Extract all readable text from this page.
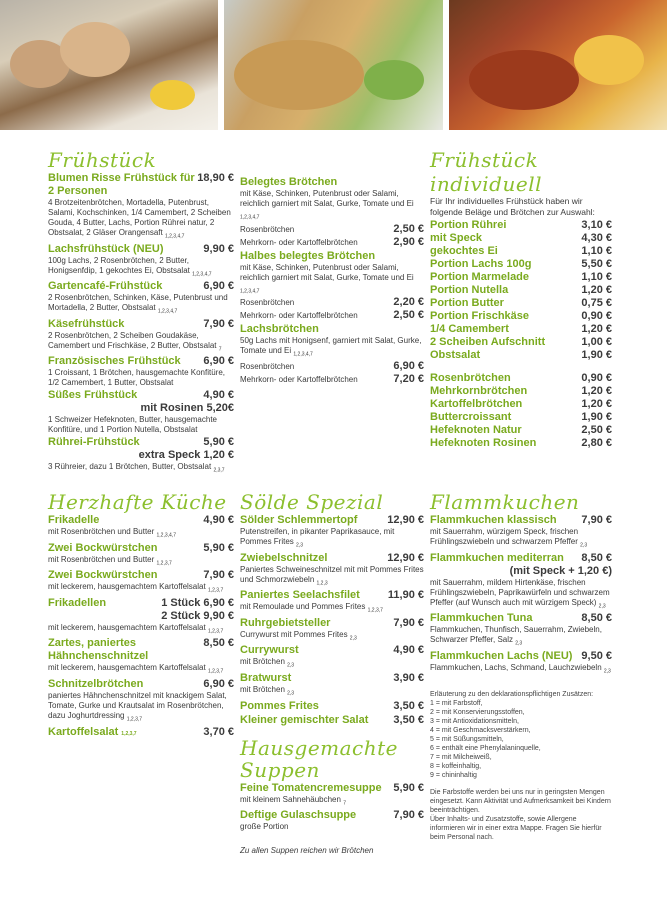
Frühstück
Blumen Risse Frühstück für 2 Personen
18,90 €
4 Brotzeitenbrötchen, Mortadella, Putenbrust, Salami, Kochschinken, 1/4 Camembert, 2 Scheiben Gouda, 4 Butter, Lachs, Portion Rührei natur, 2 Obstsalat, 2 Gläser Orangensaft $_{1,2,3,4,7}$
Lachsfrühstück (NEU)	9,90 €
100g Lachs, 2 Rosenbrötchen, 2 Butter, Honigsenfdip, 1 gekochtes Ei, Obstsalat $_{1,2,3,4,7}$
Gartencafé-Frühstück	6,90 €
2 Rosenbrötchen, Schinken, Käse, Putenbrust und Mortadella, 2 Butter, Obstsalat $_{1,2,3,4,7}$
Käsefrühstück	7,90 €
2 Rosenbrötchen, 2 Scheiben Goudakäse, Camembert und Frischkäse, 2 Butter, Obstsalat $_7$
Französisches Frühstück 6,90 €
1 Croissant, 1 Brötchen, hausgemachte Konfitüre, 1/2 Camembert, 1 Butter, Obstsalat
Süßes Frühstück	4,90 €
mit Rosinen 5,20€
1 Schweizer Hefeknoten, Butter, hausgemachte Konfitüre, und 1 Portion Nutella, Obstsalat
Rührei-Frühstück	5,90 €
extra Speck 1,20 €
3 Rühreier, dazu 1 Brötchen, Butter, Obstsalat $_{2,3,7}$
Belegtes Brötchen
mit Käse, Schinken, Putenbrust oder Salami, reichlich garniert mit Salat, Gurke, Tomate und Ei $_{1,2,3,4,7}$
Rosenbrötchen	2,50 €
Mehrkorn- oder Kartoffelbrötchen	2,90 €
Halbes belegtes Brötchen
mit Käse, Schinken, Putenbrust oder Salami, reichlich garniert mit Salat, Gurke, Tomate und Ei $_{1,2,3,4,7}$
Rosenbrötchen	2,20 €
Mehrkorn- oder Kartoffelbrötchen	2,50 €
Lachsbrötchen
50g Lachs mit Honigsenf, garniert mit Salat, Gurke, Tomate und Ei $_{1,2,3,4,7}$
Rosenbrötchen	6,90 €
Mehrkorn- oder Kartoffelbrötchen	7,20 €
Frühstück individuell
Für Ihr individuelles Frühstück haben wir folgende Beläge und Brötchen zur Auswahl:
Portion Rührei	3,10 €
mit Speck	4,30 €
gekochtes Ei	1,10 €
Portion Lachs 100g	5,50 €
Portion Marmelade	1,10 €
Portion Nutella	1,20 €
Portion Butter	0,75 €
Portion Frischkäse	0,90 €
1/4 Camembert	1,20 €
2 Scheiben Aufschnitt	1,00 €
Obstsalat	1,90 €
Rosenbrötchen	0,90 €
Mehrkornbrötchen	1,20 €
Kartoffelbrötchen	1,20 €
Buttercroissant	1,90 €
Hefeknoten Natur	2,50 €
Hefeknoten Rosinen	2,80 €
Herzhafte Küche
Frikadelle	4,90 €
mit Rosenbrötchen und Butter $_{1,2,3,4,7}$
Zwei Bockwürstchen	5,90 €
mit Rosenbrötchen und Butter $_{1,2,3,7}$
Zwei Bockwürstchen	7,90 €
mit leckerem, hausgemachtem Kartoffelsalat $_{1,2,3,7}$
Frikadellen	1 Stück 6,90 €
2 Stück 9,90 €
mit leckerem, hausgemachtem Kartoffelsalat $_{1,2,3,7}$
Zartes, paniertes Hähnchenschnitzel
8,50 €
mit leckerem, hausgemachtem Kartoffelsalat $_{1,2,3,7}$
Schnitzelbrötchen	6,90 €
paniertes Hähnchenschnitzel mit knackigem Salat, Tomate, Gurke und Krautsalat im Rosenbrötchen, dazu Joghurtdressing $_{1,2,3,7}$
Kartoffelsalat 1,2,3,7	3,70 €
Sölde Spezial
Sölder Schlemmertopf	12,90 €
Putenstreifen, in pikanter Paprikasauce, mit Pommes Frites $_{2,3}$
Zwiebelschnitzel	12,90 €
Paniertes Schweineschnitzel mit mit Pommes Frites und Schmorzwiebeln $_{1,2,3}$
Paniertes Seelachsfilet	11,90 €
mit Remoulade und Pommes Frites $_{1,2,3,7}$
Ruhrgebietsteller	7,90 €
Currywurst mit Pommes Frites $_{2,3}$
Currywurst	4,90 €
mit Brötchen $_{2,3}$
Bratwurst	3,90 €
mit Brötchen $_{2,3}$
Pommes Frites	3,50 €
Kleiner gemischter Salat 3,50 €
Hausgemachte
Suppen
Feine Tomatencremesuppe 5,90 €
mit kleinem Sahnehäubchen $_7$
Deftige Gulaschsuppe	7,90 €
große Portion
Zu allen Suppen reichen wir Brötchen
Flammkuchen
Flammkuchen klassisch 7,90 €
mit Sauerrahm, würzigem Speck, frischen Frühlingszwiebeln und schwarzem Pfeffer $_{2,3}$
Flammkuchen mediterran 8,50 €
(mit Speck + 1,20 €)
mit Sauerrahm, mildem Hirtenkäse, frischen Frühlingszwiebeln, Paprikawürfeln und schwarzem Pfeffer (auf Wunsch auch mit würzigem Speck) $_{2,3}$
Flammkuchen Tuna	8,50 €
Flammkuchen, Thunfisch, Sauerrahm, Zwiebeln, Schwarzer Pfeffer, Salz $_{2,3}$
Flammkuchen Lachs (NEU) 9,50 €
Flammkuchen, Lachs, Schmand, Lauchzwiebeln $_{2,3}$
Erläuterung zu den deklarationspflichtigen Zusätzen:
1 = mit Farbstoff,
2 = mit Konservierungsstoffen,
3 = mit Antioxidationsmitteln,
4 = mit Geschmacksverstärkern,
5 = mit Süßungsmitteln,
6 = enthält eine Phenylalaninquelle,
7 = mit Milcheiweiß,
8 = koffeinhaltig,
9 = chininhaltig
Die Farbstoffe werden bei uns nur in geringsten Mengen eingesetzt. Kann Aktivität und Aufmerksamkeit bei Kindern beeinträchtigen.
Über Inhalts- und Zusatzstoffe, sowie Allergene informieren wir in einer extra Mappe. Fragen Sie hierfür beim Personal nach.
